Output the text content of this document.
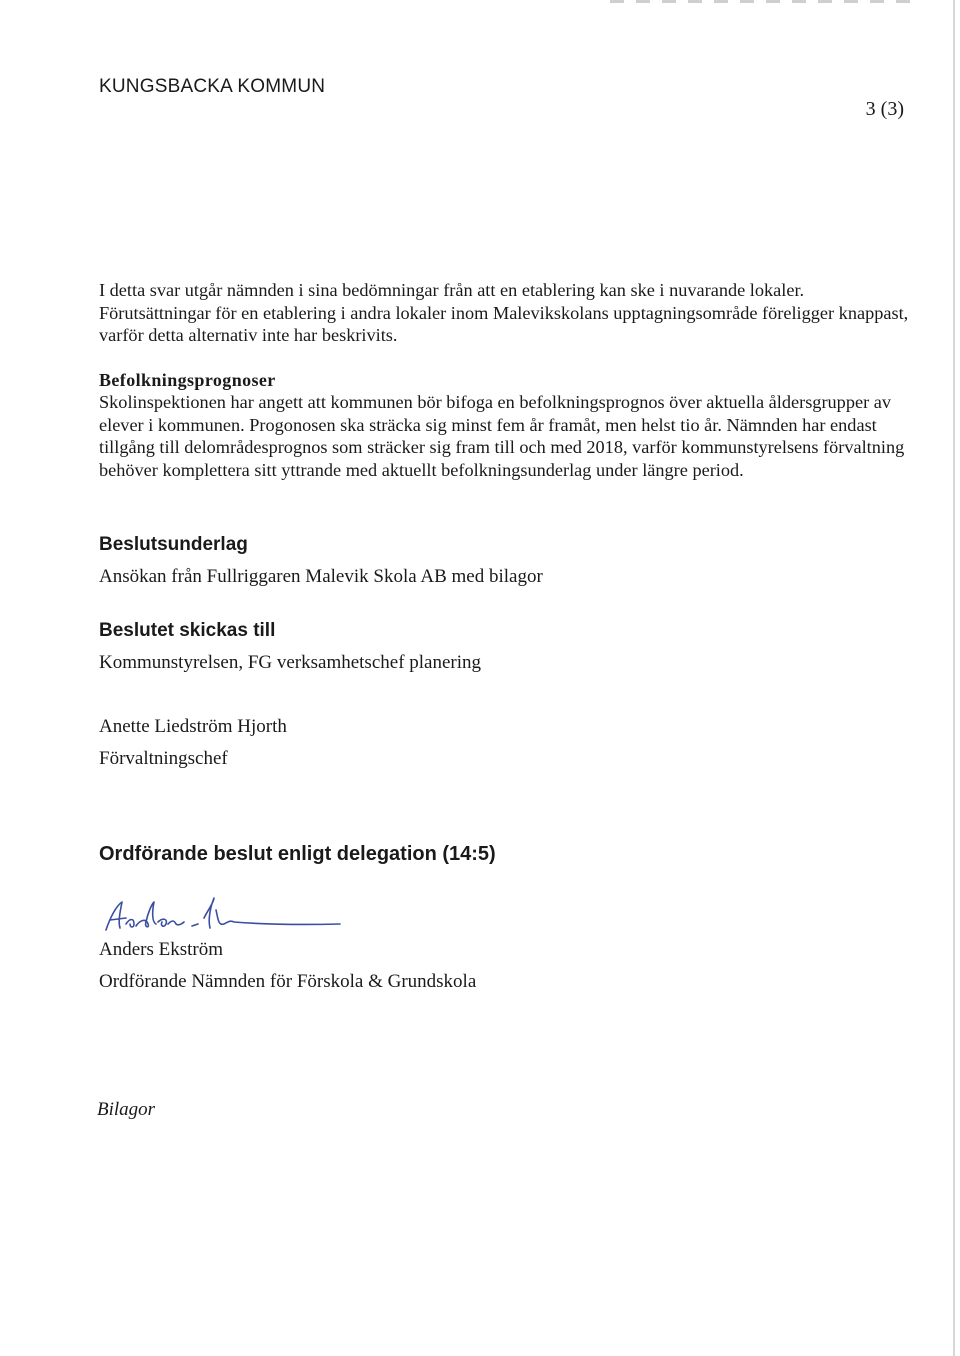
KUNGSBACKA KOMMUN
3 (3)
I detta svar utgår nämnden i sina bedömningar från att en etablering kan ske i nuvarande lokaler. Förutsättningar för en etablering i andra lokaler inom Malevikskolans upptagningsområde föreligger knappast, varför detta alternativ inte har beskrivits.
Befolkningsprognoser
Skolinspektionen har angett att kommunen bör bifoga en befolkningsprognos över aktuella åldersgrupper av elever i kommunen. Progonosen ska sträcka sig minst fem år framåt, men helst tio år. Nämnden har endast tillgång till delområdesprognos som sträcker sig fram till och med 2018, varför kommunstyrelsens förvaltning behöver komplettera sitt yttrande med aktuellt befolkningsunderlag under längre period.
Beslutsunderlag
Ansökan från Fullriggaren Malevik Skola AB med bilagor
Beslutet skickas till
Kommunstyrelsen, FG verksamhetschef planering
Anette Liedström Hjorth
Förvaltningschef
Ordförande beslut enligt delegation (14:5)
Anders Ekström
Ordförande Nämnden för Förskola & Grundskola
Bilagor
